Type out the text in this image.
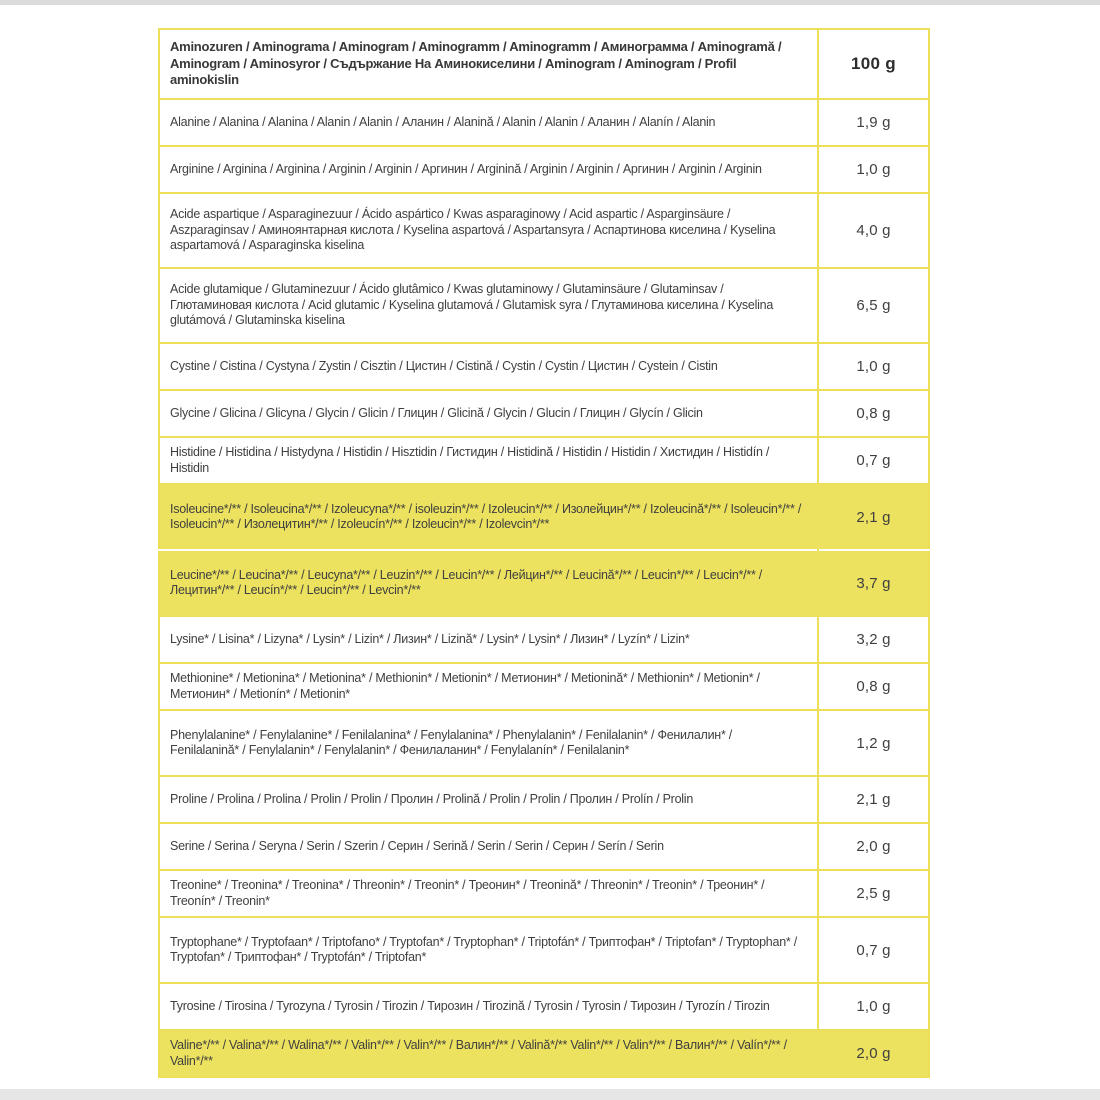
Aminozuren / Aminograma / Aminogram / Aminogramm / Aminogramm / Аминограмма / Aminogramă / Aminogram / Aminosyror / Съдържание На Аминокиселини / Aminogram / Aminogram / Profil aminokislin	100 g
Alanine / Alanina / Alanina / Alanin / Alanin / Аланин / Alanină / Alanin / Alanin / Аланин / Alanín / Alanin	1,9 g
Arginine / Arginina / Arginina / Arginin / Arginin / Аргинин / Arginină / Arginin / Arginin / Аргинин / Arginin / Arginin	1,0 g
Acide aspartique / Asparaginezuur / Ácido aspártico / Kwas asparaginowy / Acid aspartic / Asparginsäure / Aszparaginsav / Аминоянтарная кислота / Kyselina aspartová / Aspartansyra / Аспартинова киселина / Kyselina aspartamová / Asparaginska kiselina	4,0 g
Acide glutamique / Glutaminezuur / Ácido glutâmico / Kwas glutaminowy / Glutaminsäure / Glutaminsav / Глютаминовая кислота / Acid glutamic / Kyselina glutamová / Glutamisk syra / Глутаминова киселина / Kyselina glutámová / Glutaminska kiselina	6,5 g
Cystine / Cistina / Cystyna / Zystin / Cisztin / Цистин / Cistină / Cystin / Cystin / Цистин / Cystein / Cistin	1,0 g
Glycine / Glicina / Glicyna / Glycin / Glicin / Глицин / Glicină / Glycin / Glucin / Глицин / Glycín / Glicin	0,8 g
Histidine / Histidina / Histydyna / Histidin / Hisztidin / Гистидин / Histidină / Histidin / Histidin / Хистидин / Histidín / Histidin	0,7 g
Isoleucine*/** / Isoleucina*/** / Izoleucyna*/** / isoleuzin*/** / Izoleucin*/** / Изолейцин*/** / Izoleucină*/** / Isoleucin*/** / Isoleucin*/** / Изолецитин*/** / Izoleucín*/** / Izoleucin*/** / Izolevcin*/**	2,1 g
Leucine*/** / Leucina*/** / Leucyna*/** / Leuzin*/** / Leucin*/** / Лейцин*/** / Leucină*/** / Leucin*/** / Leucin*/** / Лецитин*/** / Leucín*/** / Leucin*/** / Levcin*/**	3,7 g
Lysine* / Lisina* / Lizyna* / Lysin* / Lizin* / Лизин* / Lizină* / Lysin* / Lysin* / Лизин* / Lyzín* / Lizin*	3,2 g
Methionine* / Metionina* / Metionina* / Methionin* / Metionin* / Метионин* / Metionină* / Methionin* / Metionin* / Метионин* / Metionín* / Metionin*	0,8 g
Phenylalanine* / Fenylalanine* / Fenilalanina* / Fenylalanina* / Phenylalanin* / Fenilalanin* / Фенилалин* / Fenilalanină* / Fenylalanin* / Fenylalanin* / Фенилаланин* / Fenylalanín* / Fenilalanin*	1,2 g
Proline / Prolina / Prolina / Prolin / Prolin / Пролин / Prolină / Prolin / Prolin / Пролин / Prolín / Prolin	2,1 g
Serine / Serina / Seryna / Serin / Szerin / Серин / Serină / Serin / Serin / Серин / Serín / Serin	2,0 g
Treonine* / Treonina* / Treonina* / Threonin* / Treonin* / Треонин* / Treonină* / Threonin* / Treonin* / Треонин* / Treonín* / Treonin*	2,5 g
Tryptophane* / Tryptofaan* / Triptofano* / Tryptofan* / Tryptophan* / Triptofán* / Триптофан* / Triptofan* / Tryptophan* / Tryptofan* / Триптофан* / Tryptofán* / Triptofan*	0,7 g
Tyrosine / Tirosina / Tyrozyna / Tyrosin / Tirozin / Тирозин / Tirozină / Tyrosin / Tyrosin / Тирозин / Tyrozín / Tirozin	1,0 g
Valine*/** / Valina*/** / Walina*/** / Valin*/** / Valin*/** / Валин*/** / Valină*/** Valin*/** / Valin*/** / Валин*/** / Valín*/** / Valin*/**	2,0 g
